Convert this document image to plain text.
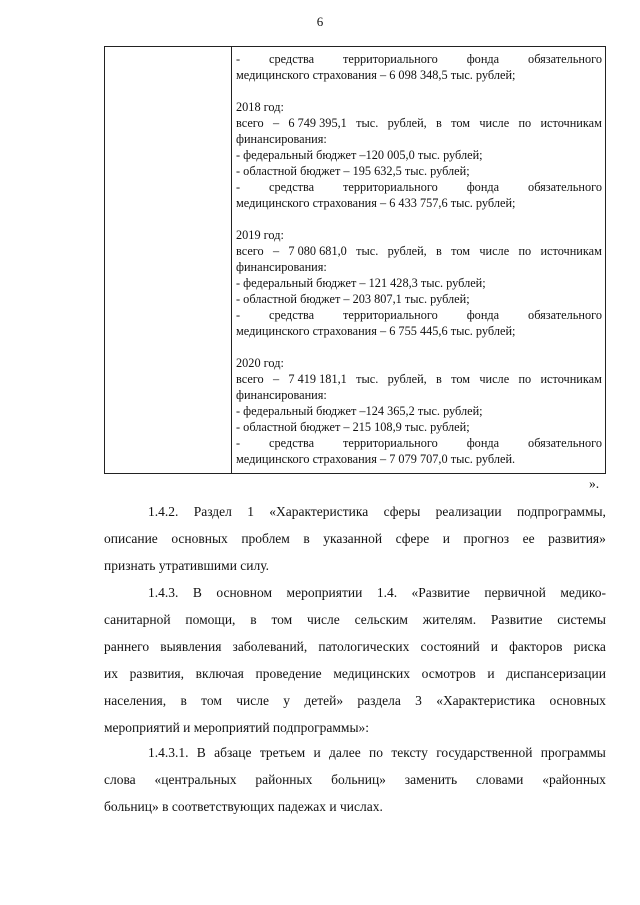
6
- средства территориального фонда обязательного
медицинского страхования – 6 098 348,5 тыс. рублей;
2018 год:
всего – 6 749 395,1 тыс. рублей, в том числе по источникам
финансирования:
- федеральный бюджет –120 005,0 тыс. рублей;
- областной бюджет – 195 632,5 тыс. рублей;
- средства территориального фонда обязательного
медицинского страхования – 6 433 757,6 тыс. рублей;
2019 год:
всего – 7 080 681,0 тыс. рублей, в том числе по источникам
финансирования:
- федеральный бюджет – 121 428,3 тыс. рублей;
- областной бюджет – 203 807,1 тыс. рублей;
- средства территориального фонда обязательного
медицинского страхования – 6 755 445,6 тыс. рублей;
2020 год:
всего – 7 419 181,1 тыс. рублей, в том числе по источникам
финансирования:
- федеральный бюджет –124 365,2 тыс. рублей;
- областной бюджет – 215 108,9 тыс. рублей;
- средства территориального фонда обязательного
медицинского страхования – 7 079 707,0 тыс. рублей.
».
1.4.2. Раздел 1 «Характеристика сферы реализации подпрограммы,
описание основных проблем в указанной сфере и прогноз ее развития»
признать утратившими силу.
1.4.3. В основном мероприятии 1.4. «Развитие первичной медико-
санитарной помощи, в том числе сельским жителям. Развитие системы
раннего выявления заболеваний, патологических состояний и факторов риска
их развития, включая проведение медицинских осмотров и диспансеризации
населения, в том числе у детей» раздела 3 «Характеристика основных
мероприятий и мероприятий подпрограммы»:
1.4.3.1. В абзаце третьем и далее по тексту государственной программы
слова «центральных районных больниц» заменить словами «районных
больниц» в соответствующих падежах и числах.
